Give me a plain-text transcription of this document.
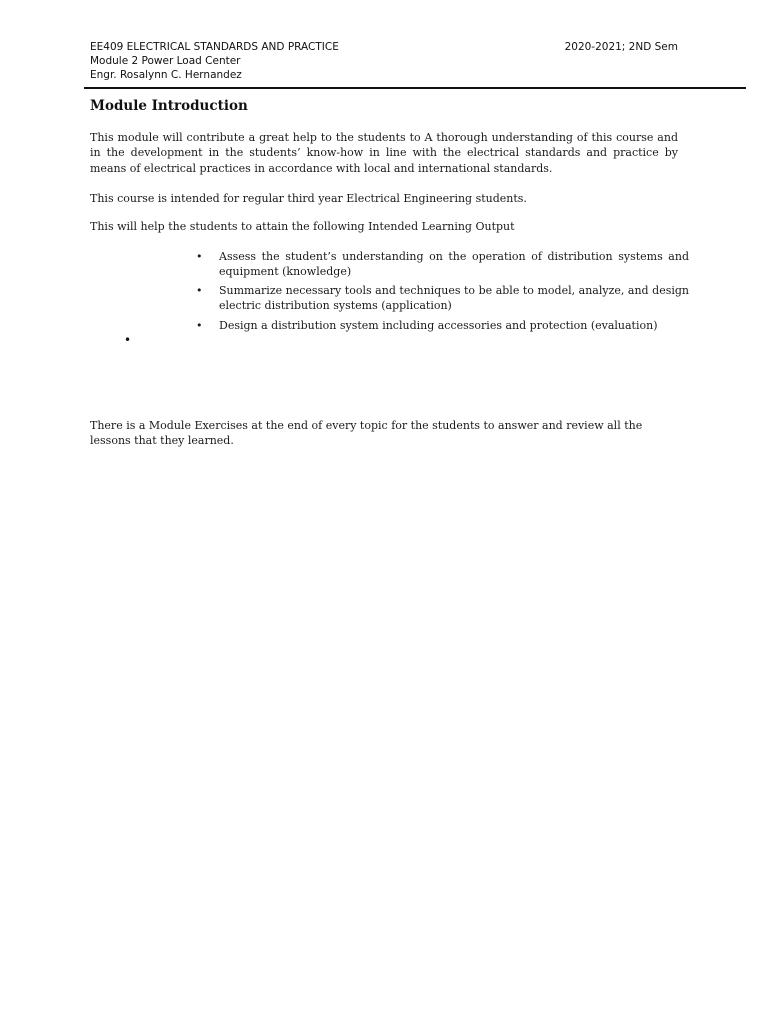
EE409 ELECTRICAL STANDARDS AND PRACTICE	2020-2021; 2ND Sem
Module 2 Power Load Center
Engr. Rosalynn C. Hernandez
Module Introduction
This module will contribute a great help to the students to A thorough understanding of this course and in the development in the students’ know-how in line with the electrical standards and practice by means of electrical practices in accordance with local and international standards.
This course is intended for regular third year Electrical Engineering students.
This will help the students to attain the following Intended Learning Output
• Assess the student’s understanding on the operation of distribution systems and equipment (knowledge)
• Summarize necessary tools and techniques to be able to model, analyze, and design electric distribution systems (application)
• Design a distribution system including accessories and protection (evaluation)
•
There is a Module Exercises at the end of every topic for the students to answer and review all the lessons that they learned.
